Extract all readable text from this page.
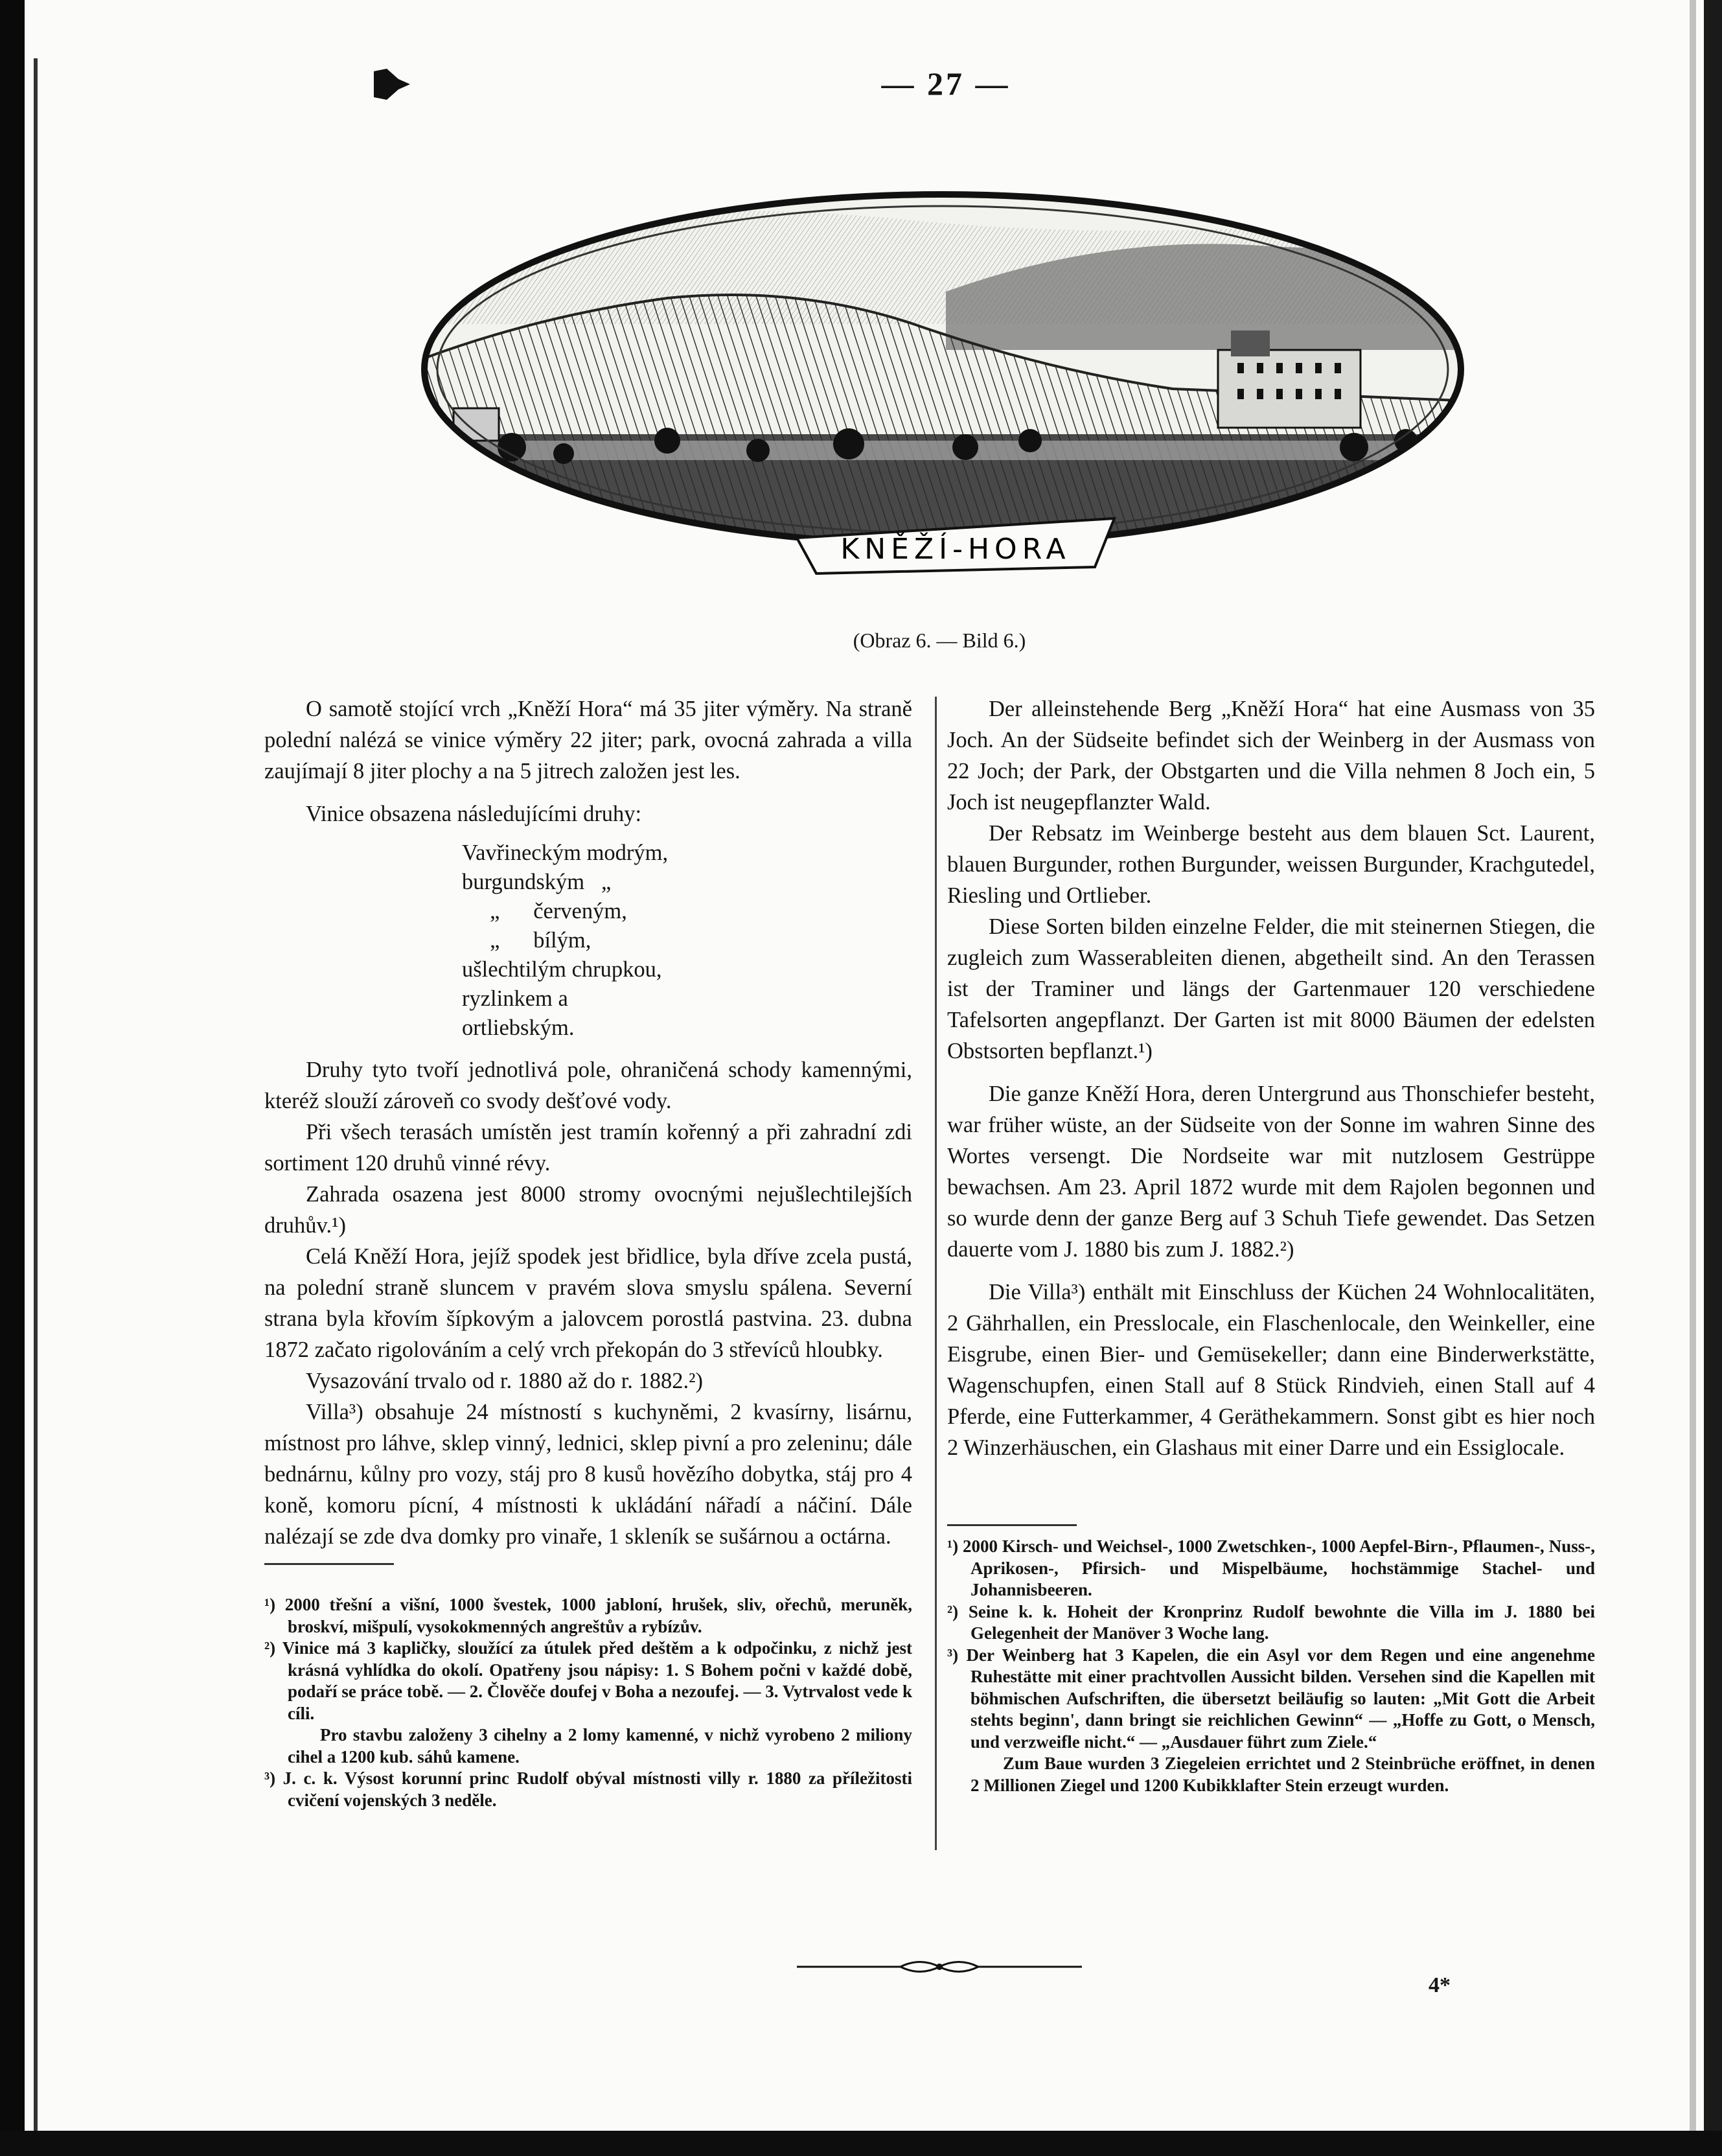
— 27 —
KNĚŽÍ-HORA
(Obraz 6. — Bild 6.)

O samotě stojící vrch „Kněží Hora“ má 35 jiter výměry. Na straně polední nalézá se vinice výměry 22 jiter; park, ovocná zahrada a villa zaujímají 8 jiter plochy a na 5 jitrech založen jest les.

Vinice obsazena následujícími druhy:

Vavřineckým modrým,
burgundským   „
„      červeným,
„      bílým,
ušlechtilým chrupkou,
ryzlinkem a
ortliebským.

Druhy tyto tvoří jednotlivá pole, ohraničená schody kamennými, kteréž slouží zároveň co svody dešťové vody.

Při všech terasách umístěn jest tramín kořenný a při zahradní zdi sortiment 120 druhů vinné révy.

Zahrada osazena jest 8000 stromy ovocnými nejušlechtilejších druhův.¹)

Celá Kněží Hora, jejíž spodek jest břidlice, byla dříve zcela pustá, na polední straně sluncem v pravém slova smyslu spálena. Severní strana byla křovím šípkovým a jalovcem porostlá pastvina. 23. dubna 1872 začato rigolováním a celý vrch překopán do 3 střevíců hloubky.

Vysazování trvalo od r. 1880 až do r. 1882.²)

Villa³) obsahuje 24 místností s kuchyněmi, 2 kvasírny, lisárnu, místnost pro láhve, sklep vinný, lednici, sklep pivní a pro zeleninu; dále bednárnu, kůlny pro vozy, stáj pro 8 kusů hovězího dobytka, stáj pro 4 koně, komoru pícní, 4 místnosti k ukládání nářadí a náčiní. Dále nalézají se zde dva domky pro vinaře, 1 skleník se sušárnou a octárna.

Der alleinstehende Berg „Kněží Hora“ hat eine Ausmass von 35 Joch. An der Südseite befindet sich der Weinberg in der Ausmass von 22 Joch; der Park, der Obstgarten und die Villa nehmen 8 Joch ein, 5 Joch ist neugepflanzter Wald.

Der Rebsatz im Weinberge besteht aus dem blauen Sct. Laurent, blauen Burgunder, rothen Burgunder, weissen Burgunder, Krachgutedel, Riesling und Ortlieber.

Diese Sorten bilden einzelne Felder, die mit steinernen Stiegen, die zugleich zum Wasserableiten dienen, abgetheilt sind. An den Terassen ist der Traminer und längs der Gartenmauer 120 verschiedene Tafelsorten angepflanzt. Der Garten ist mit 8000 Bäumen der edelsten Obstsorten bepflanzt.¹)

Die ganze Kněží Hora, deren Untergrund aus Thonschiefer besteht, war früher wüste, an der Südseite von der Sonne im wahren Sinne des Wortes versengt. Die Nordseite war mit nutzlosem Gestrüppe bewachsen. Am 23. April 1872 wurde mit dem Rajolen begonnen und so wurde denn der ganze Berg auf 3 Schuh Tiefe gewendet. Das Setzen dauerte vom J. 1880 bis zum J. 1882.²)

Die Villa³) enthält mit Einschluss der Küchen 24 Wohnlocalitäten, 2 Gährhallen, ein Presslocale, ein Flaschenlocale, den Weinkeller, eine Eisgrube, einen Bier- und Gemüsekeller; dann eine Binderwerkstätte, Wagenschupfen, einen Stall auf 8 Stück Rindvieh, einen Stall auf 4 Pferde, eine Futterkammer, 4 Geräthekammern. Sonst gibt es hier noch 2 Winzerhäuschen, ein Glashaus mit einer Darre und ein Essiglocale.

¹) 2000 třešní a višní, 1000 švestek, 1000 jabloní, hrušek, sliv, ořechů, meruněk, broskví, mišpulí, vysokokmenných angreštův a rybízův.

²) Vinice má 3 kapličky, sloužící za útulek před deštěm a k odpočinku, z nichž jest krásná vyhlídka do okolí. Opatřeny jsou nápisy: 1. S Bohem počni v každé době, podaří se práce tobě. — 2. Člověče doufej v Boha a nezoufej. — 3. Vytrvalost vede k cíli.

Pro stavbu založeny 3 cihelny a 2 lomy kamenné, v nichž vyrobeno 2 miliony cihel a 1200 kub. sáhů kamene.

³) J. c. k. Výsost korunní princ Rudolf obýval místnosti villy r. 1880 za příležitosti cvičení vojenských 3 neděle.

¹) 2000 Kirsch- und Weichsel-, 1000 Zwetschken-, 1000 Aepfel-Birn-, Pflaumen-, Nuss-, Aprikosen-, Pfirsich- und Mispelbäume, hochstämmige Stachel- und Johannisbeeren.

²) Seine k. k. Hoheit der Kronprinz Rudolf bewohnte die Villa im J. 1880 bei Gelegenheit der Manöver 3 Woche lang.

³) Der Weinberg hat 3 Kapelen, die ein Asyl vor dem Regen und eine angenehme Ruhestätte mit einer prachtvollen Aussicht bilden. Versehen sind die Kapellen mit böhmischen Aufschriften, die übersetzt beiläufig so lauten: „Mit Gott die Arbeit stehts beginn', dann bringt sie reichlichen Gewinn“ — „Hoffe zu Gott, o Mensch, und verzweifle nicht.“ — „Ausdauer führt zum Ziele.“

Zum Baue wurden 3 Ziegeleien errichtet und 2 Steinbrüche eröffnet, in denen 2 Millionen Ziegel und 1200 Kubikklafter Stein erzeugt wurden.

4*
